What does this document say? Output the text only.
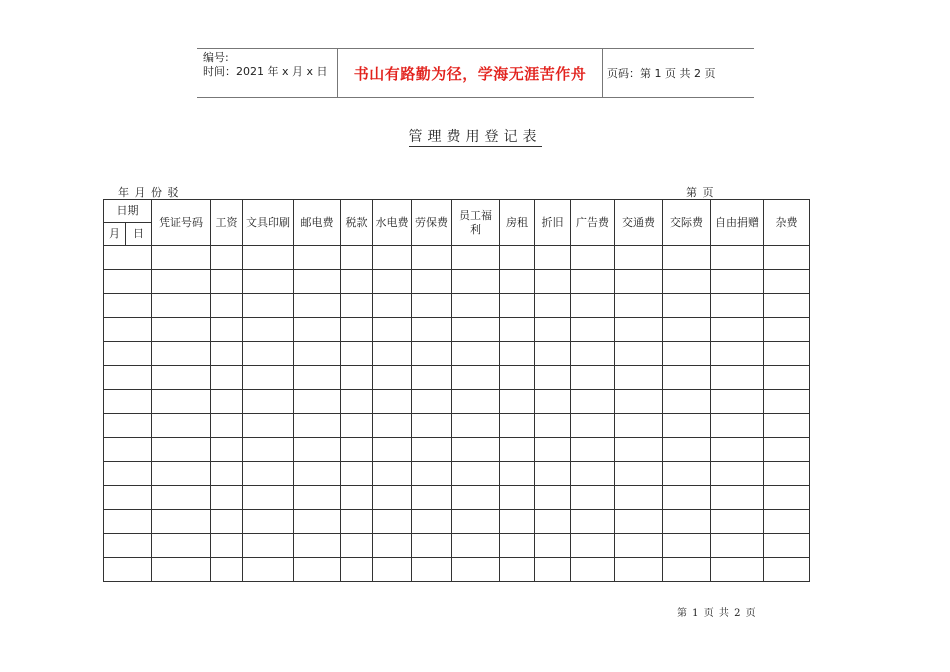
编号:
时间：2021 年 x 月 x 日	书山有路勤为径，学海无涯苦作舟	页码：第 1 页 共 2 页
管理费用登记表
年 月 份 驳	第 页
日期		凭证号码	工资	文具印刷	邮电费	税款	水电费	劳保费	员工福利	房租	折旧	广告费	交通费	交际费	自由捐赠	杂费
月	日															

第 1 页 共 2 页
